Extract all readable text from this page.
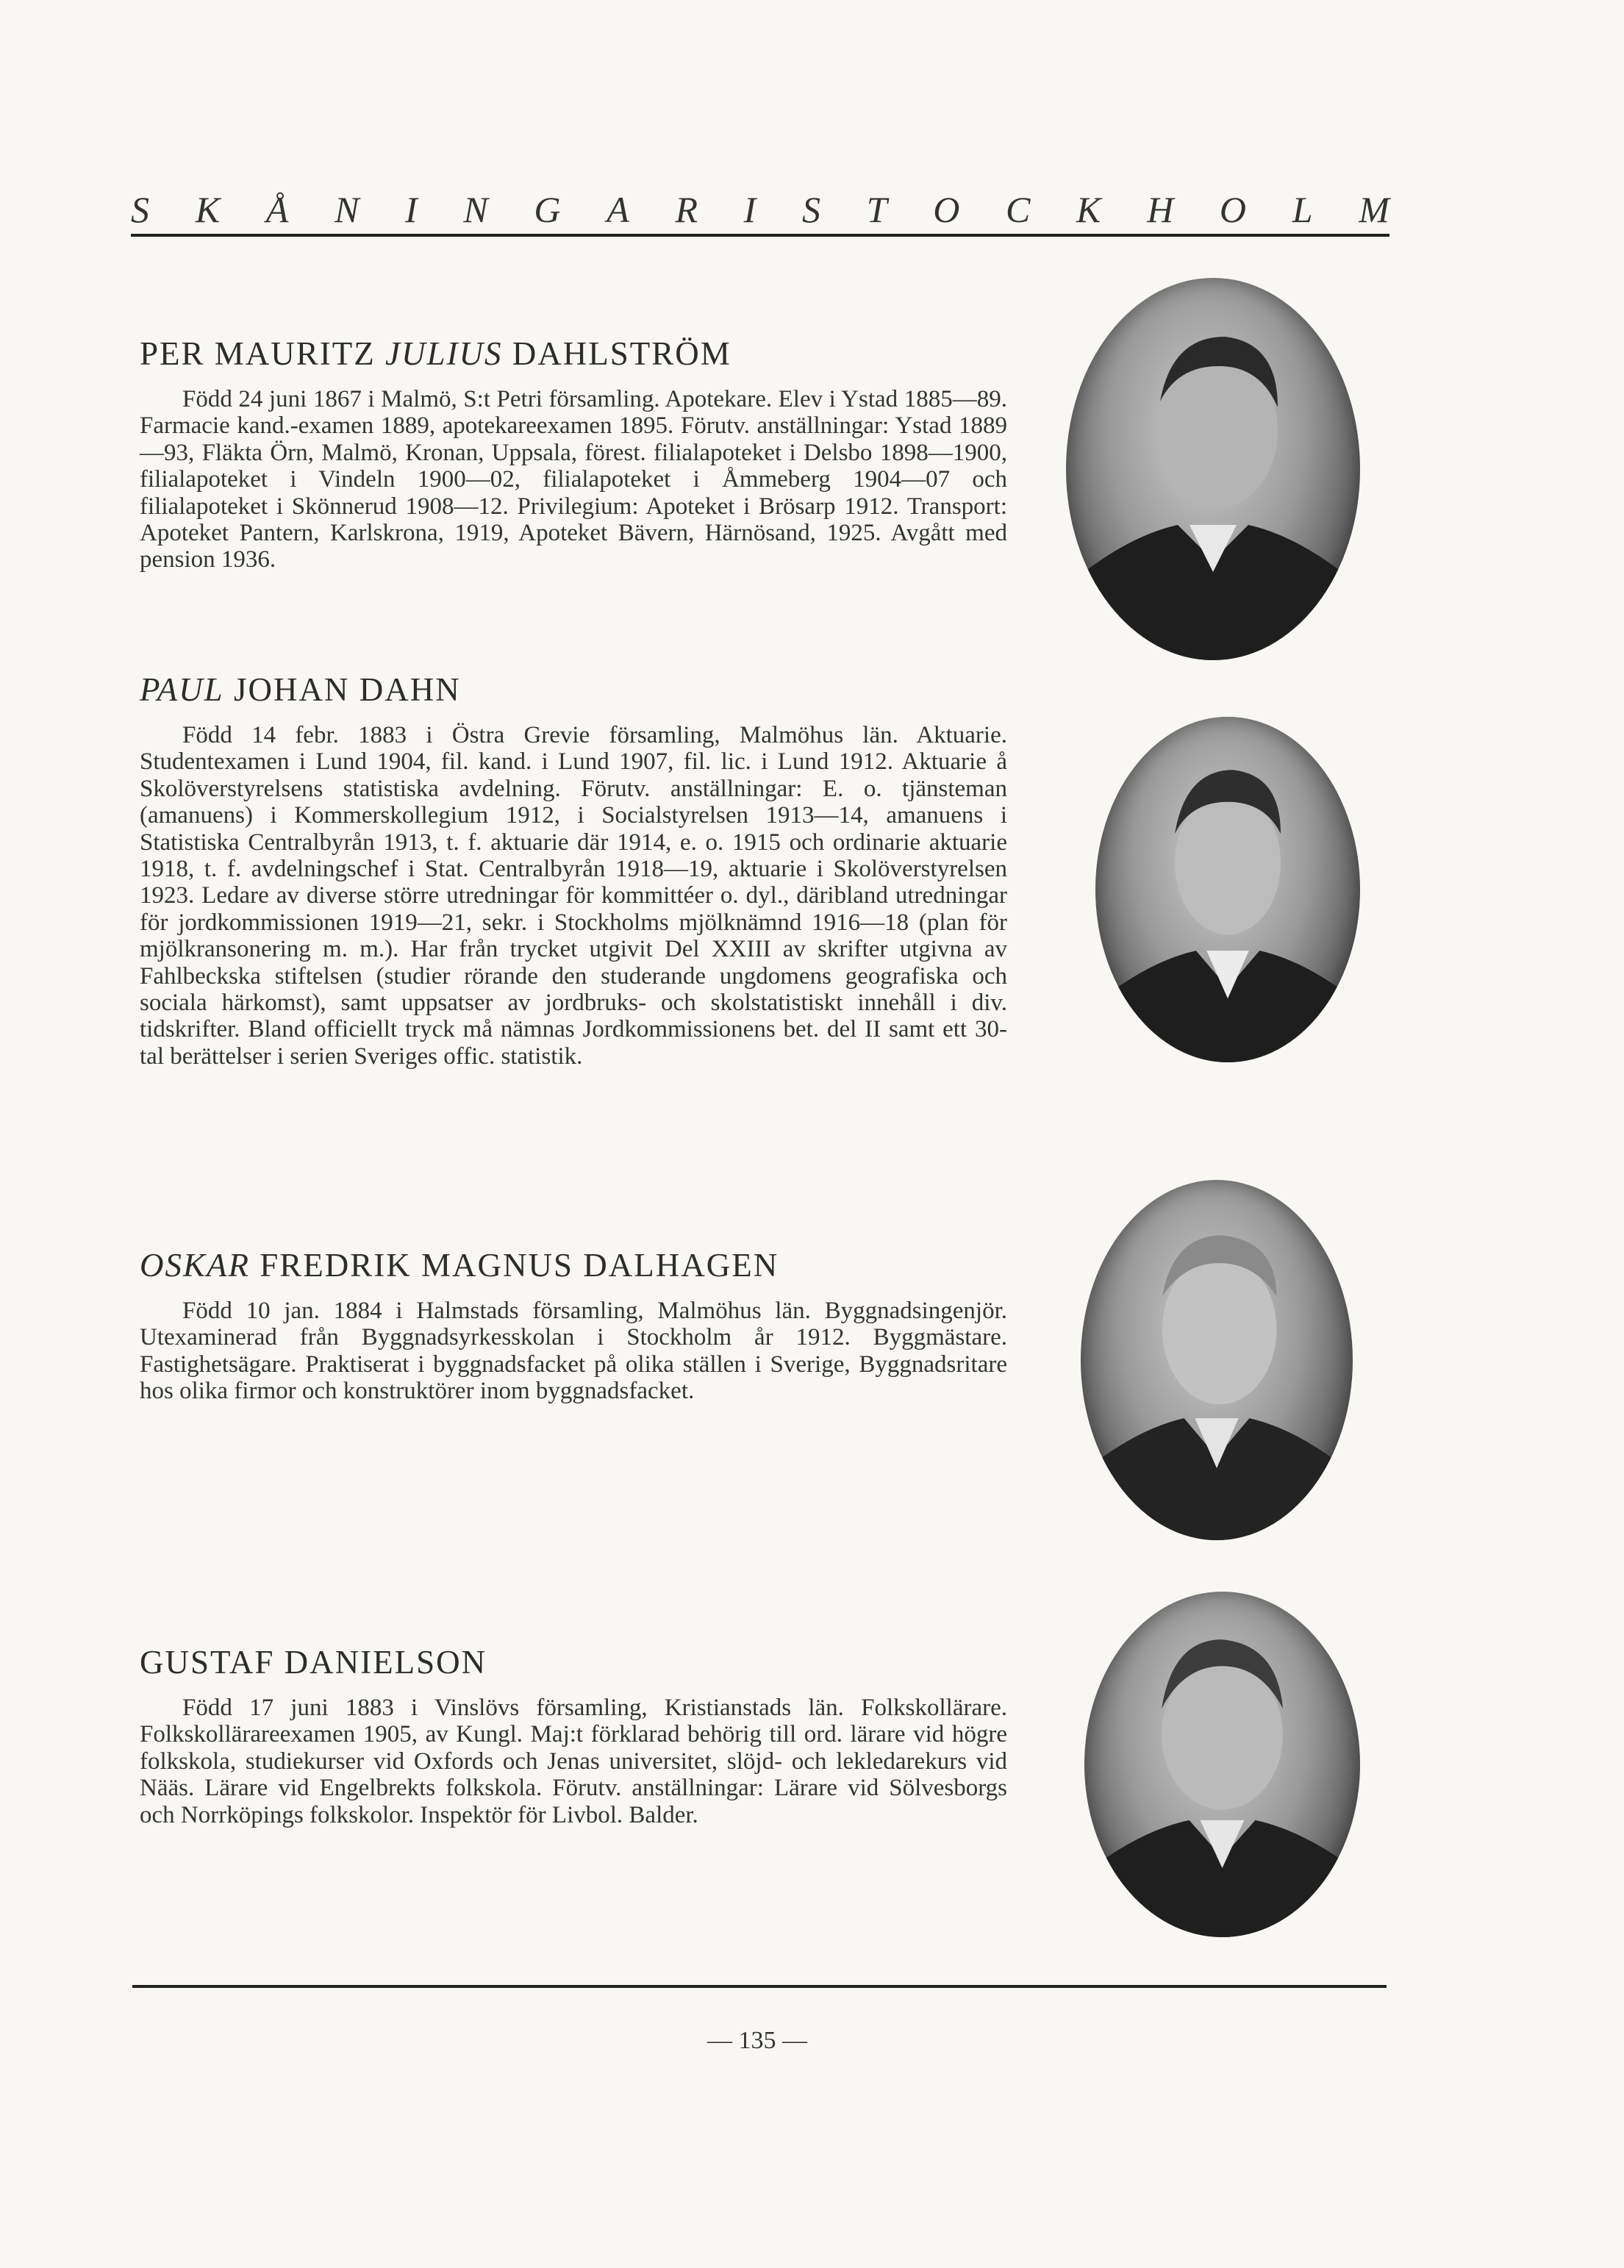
S K Å N I N G A R I S T O C K H O L M
PER MAURITZ JULIUS DAHLSTRÖM

Född 24 juni 1867 i Malmö, S:t Petri församling. Apotekare. Elev i Ystad 1885—89. Farmacie kand.-examen 1889, apotekareexamen 1895. Förutv. anställningar: Ystad 1889—93, Fläkta Örn, Malmö, Kronan, Uppsala, förest. filialapoteket i Delsbo 1898—1900, filialapoteket i Vindeln 1900—02, filialapoteket i Åmmeberg 1904—07 och filialapoteket i Skönnerud 1908—12. Privilegium: Apoteket i Brösarp 1912. Transport: Apoteket Pantern, Karlskrona, 1919, Apoteket Bävern, Härnösand, 1925. Avgått med pension 1936.

PAUL JOHAN DAHN

Född 14 febr. 1883 i Östra Grevie församling, Malmöhus län. Aktuarie. Studentexamen i Lund 1904, fil. kand. i Lund 1907, fil. lic. i Lund 1912. Aktuarie å Skolöverstyrelsens statistiska avdelning. Förutv. anställningar: E. o. tjänsteman (amanuens) i Kommerskollegium 1912, i Socialstyrelsen 1913—14, amanuens i Statistiska Centralbyrån 1913, t. f. aktuarie där 1914, e. o. 1915 och ordinarie aktuarie 1918, t. f. avdelningschef i Stat. Centralbyrån 1918—19, aktuarie i Skolöverstyrelsen 1923. Ledare av diverse större utredningar för kommittéer o. dyl., däribland utredningar för jordkommissionen 1919—21, sekr. i Stockholms mjölknämnd 1916—18 (plan för mjölkransonering m. m.). Har från trycket utgivit Del XXIII av skrifter utgivna av Fahlbeckska stiftelsen (studier rörande den studerande ungdomens geografiska och sociala härkomst), samt uppsatser av jordbruks- och skolstatistiskt innehåll i div. tidskrifter. Bland officiellt tryck må nämnas Jordkommissionens bet. del II samt ett 30-tal berättelser i serien Sveriges offic. statistik.

OSKAR FREDRIK MAGNUS DALHAGEN

Född 10 jan. 1884 i Halmstads församling, Malmöhus län. Byggnadsingenjör. Utexaminerad från Byggnadsyrkesskolan i Stockholm år 1912. Byggmästare. Fastighetsägare. Praktiserat i byggnadsfacket på olika ställen i Sverige, Byggnadsritare hos olika firmor och konstruktörer inom byggnadsfacket.

GUSTAF DANIELSON

Född 17 juni 1883 i Vinslövs församling, Kristianstads län. Folkskollärare. Folkskollärareexamen 1905, av Kungl. Maj:t förklarad behörig till ord. lärare vid högre folkskola, studiekurser vid Oxfords och Jenas universitet, slöjd- och lekledarekurs vid Nääs. Lärare vid Engelbrekts folkskola. Förutv. anställningar: Lärare vid Sölvesborgs och Norrköpings folkskolor. Inspektör för Livbol. Balder.

— 135 —
